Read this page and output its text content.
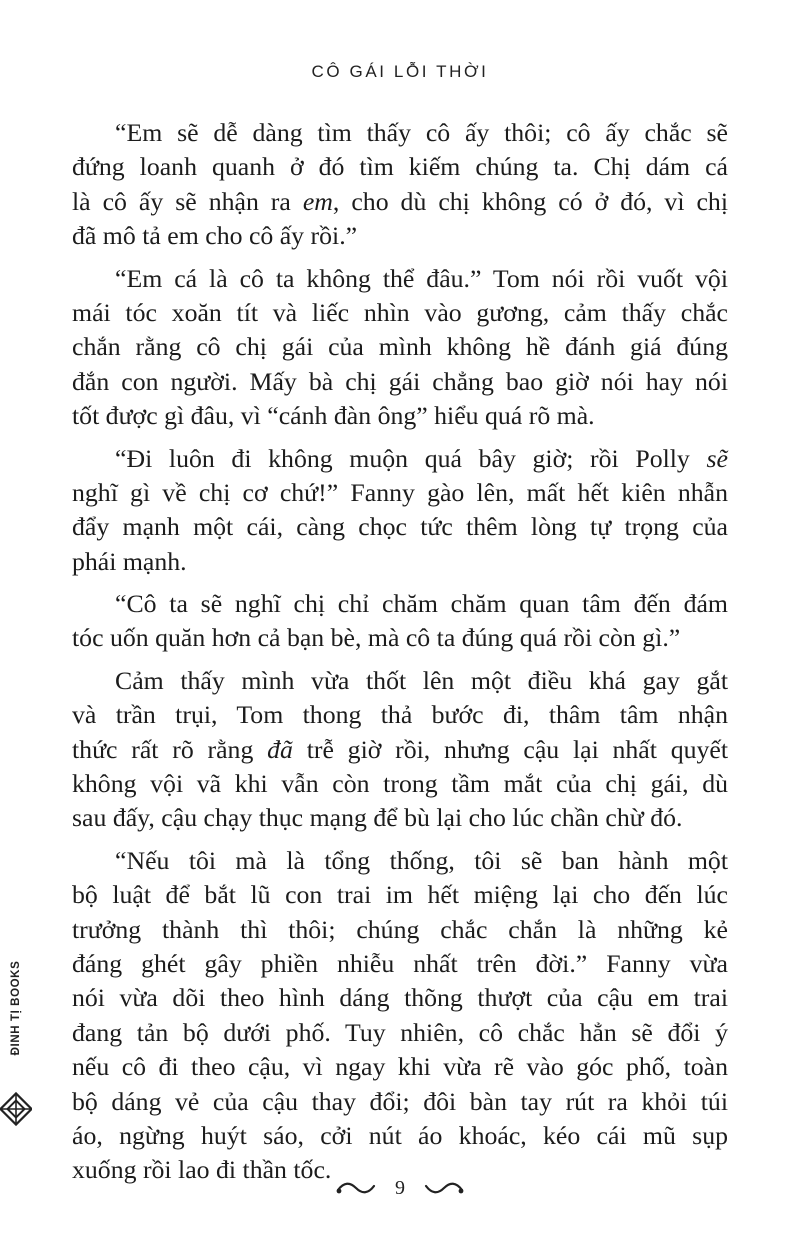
CÔ GÁI LỖI THỜI
“Em sẽ dễ dàng tìm thấy cô ấy thôi; cô ấy chắc sẽ
đứng loanh quanh ở đó tìm kiếm chúng ta. Chị dám cá
là cô ấy sẽ nhận ra em, cho dù chị không có ở đó, vì chị
đã mô tả em cho cô ấy rồi.”
“Em cá là cô ta không thể đâu.” Tom nói rồi vuốt vội
mái tóc xoăn tít và liếc nhìn vào gương, cảm thấy chắc
chắn rằng cô chị gái của mình không hề đánh giá đúng
đắn con người. Mấy bà chị gái chẳng bao giờ nói hay nói
tốt được gì đâu, vì “cánh đàn ông” hiểu quá rõ mà.
“Đi luôn đi không muộn quá bây giờ; rồi Polly sẽ
nghĩ gì về chị cơ chứ!” Fanny gào lên, mất hết kiên nhẫn
đẩy mạnh một cái, càng chọc tức thêm lòng tự trọng của
phái mạnh.
“Cô ta sẽ nghĩ chị chỉ chăm chăm quan tâm đến đám
tóc uốn quăn hơn cả bạn bè, mà cô ta đúng quá rồi còn gì.”
Cảm thấy mình vừa thốt lên một điều khá gay gắt
và trần trụi, Tom thong thả bước đi, thâm tâm nhận
thức rất rõ rằng đã trễ giờ rồi, nhưng cậu lại nhất quyết
không vội vã khi vẫn còn trong tầm mắt của chị gái, dù
sau đấy, cậu chạy thục mạng để bù lại cho lúc chần chừ đó.
“Nếu tôi mà là tổng thống, tôi sẽ ban hành một
bộ luật để bắt lũ con trai im hết miệng lại cho đến lúc
trưởng thành thì thôi; chúng chắc chắn là những kẻ
đáng ghét gây phiền nhiễu nhất trên đời.” Fanny vừa
nói vừa dõi theo hình dáng thõng thượt của cậu em trai
đang tản bộ dưới phố. Tuy nhiên, cô chắc hẳn sẽ đổi ý
nếu cô đi theo cậu, vì ngay khi vừa rẽ vào góc phố, toàn
bộ dáng vẻ của cậu thay đổi; đôi bàn tay rút ra khỏi túi
áo, ngừng huýt sáo, cởi nút áo khoác, kéo cái mũ sụp
xuống rồi lao đi thần tốc.
9
ĐINH TỊ BOOKS
